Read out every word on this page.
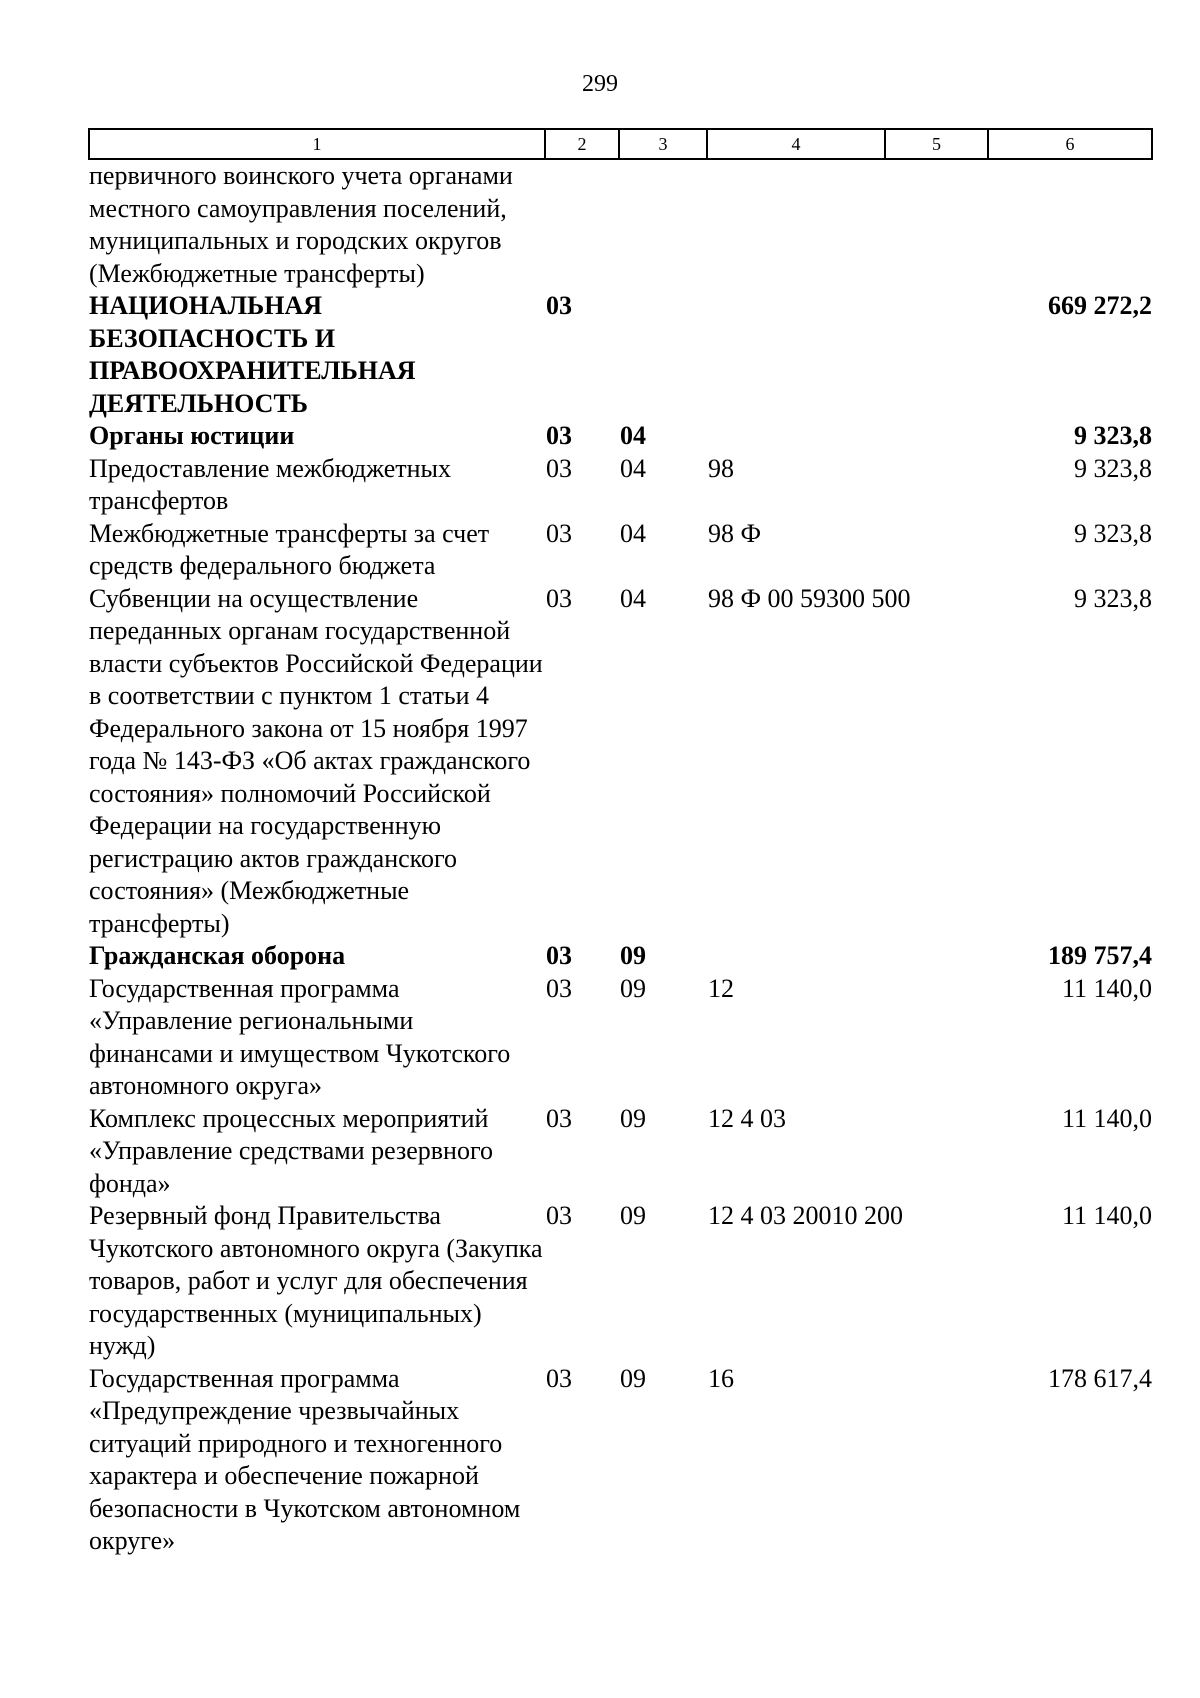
299
1	2	3	4	5	6
первичного воинского учета органами местного самоуправления поселений, муниципальных и городских округов (Межбюджетные трансферты)					
НАЦИОНАЛЬНАЯ БЕЗОПАСНОСТЬ И ПРАВООХРАНИТЕЛЬНАЯ ДЕЯТЕЛЬНОСТЬ	03				669 272,2
Органы юстиции	03	04			9 323,8
Предоставление межбюджетных трансфертов	03	04	98		9 323,8
Межбюджетные трансферты за счет средств федерального бюджета	03	04	98 Ф		9 323,8
Субвенции на осуществление переданных органам государственной власти субъектов Российской Федерации в соответствии с пунктом 1 статьи 4 Федерального закона от 15 ноября 1997 года № 143-ФЗ «Об актах гражданского состояния» полномочий Российской Федерации на государственную регистрацию актов гражданского состояния» (Межбюджетные трансферты)	03	04	98 Ф 00 59300 500		9 323,8
Гражданская оборона	03	09			189 757,4
Государственная программа «Управление региональными финансами и имуществом Чукотского автономного округа»	03	09	12		11 140,0
Комплекс процессных мероприятий «Управление средствами резервного фонда»	03	09	12 4 03		11 140,0
Резервный фонд Правительства Чукотского автономного округа (Закупка товаров, работ и услуг для обеспечения государственных (муниципальных) нужд)	03	09	12 4 03 20010 200		11 140,0
Государственная программа «Предупреждение чрезвычайных ситуаций природного и техногенного характера и обеспечение пожарной безопасности в Чукотском автономном округе»	03	09	16		178 617,4
